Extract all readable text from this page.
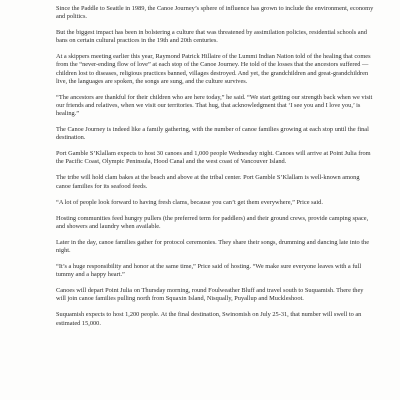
Since the Paddle to Seattle in 1989, the Canoe Journey’s sphere of influence has grown to include the environment, economy and politics.

But the biggest impact has been in bolstering a culture that was threatened by assimilation policies, residential schools and bans on certain cultural practices in the 19th and 20th centuries.

At a skippers meeting earlier this year, Raymond Patrick Hillaire of the Lummi Indian Nation told of the healing that comes from the “never-ending flow of love” at each stop of the Canoe Journey. He told of the losses that the ancestors suffered — children lost to diseases, religious practices banned, villages destroyed. And yet, the grandchildren and great-grandchildren live, the languages are spoken, the songs are sung, and the culture survives.

“The ancestors are thankful for their children who are here today,” he said. “We start getting our strength back when we visit our friends and relatives, when we visit our territories. That hug, that acknowledgment that ‘I see you and I love you,’ is healing.”

The Canoe Journey is indeed like a family gathering, with the number of canoe families growing at each stop until the final destination.

Port Gamble S’Klallam expects to host 30 canoes and 1,000 people Wednesday night. Canoes will arrive at Point Julia from the Pacific Coast, Olympic Peninsula, Hood Canal and the west coast of Vancouver Island.

The tribe will hold clam bakes at the beach and above at the tribal center. Port Gamble S’Klallam is well-known among canoe families for its seafood feeds.

“A lot of people look forward to having fresh clams, because you can’t get them everywhere,” Price said.

Hosting communities feed hungry pullers (the preferred term for paddlers) and their ground crews, provide camping space, and showers and laundry when available.

Later in the day, canoe families gather for protocol ceremonies. They share their songs, drumming and dancing late into the night.

“It’s a huge responsibility and honor at the same time,” Price said of hosting. “We make sure everyone leaves with a full tummy and a happy heart.”

Canoes will depart Point Julia on Thursday morning, round Foulweather Bluff and travel south to Suquamish. There they will join canoe families pulling north from Squaxin Island, Nisqually, Puyallup and Muckleshoot.

Suquamish expects to host 1,200 people. At the final destination, Swinomish on July 25-31, that number will swell to an estimated 15,000.
